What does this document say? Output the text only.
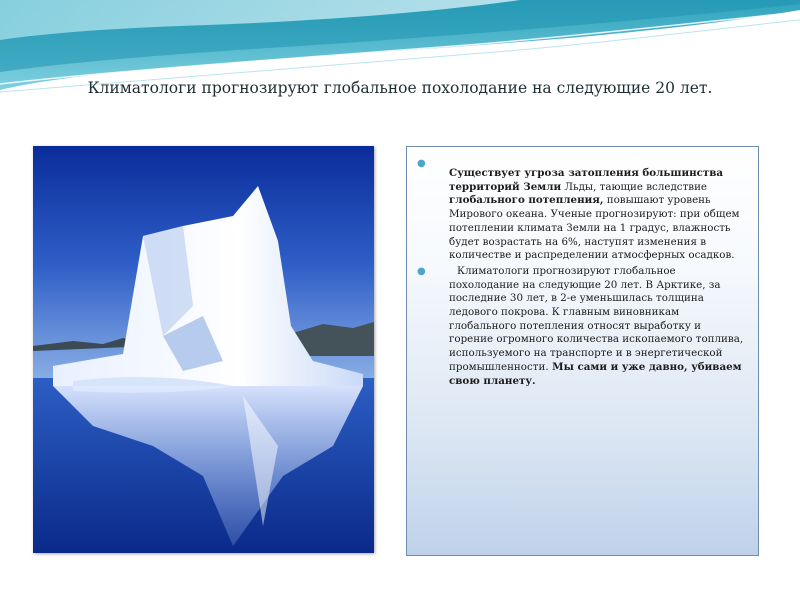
Климатологи прогнозируют глобальное похолодание на следующие 20 лет.
●
Существует угроза затопления большинства территорий Земли Льды, тающие вследствие глобального потепления, повышают уровень Мирового океана. Ученые прогнозируют: при общем потеплении климата Земли на 1 градус, влажность будет возрастать на 6%, наступят изменения в количестве и распределении атмосферных осадков.
●	Климатологи прогнозируют глобальное похолодание на следующие 20 лет. В Арктике, за последние 30 лет, в 2-е уменьшилась толщина ледового покрова. К главным виновникам глобального потепления относят выработку и горение огромного количества ископаемого топлива, используемого на транспорте и в энергетической промышленности. Мы сами и уже давно, убиваем свою планету.
